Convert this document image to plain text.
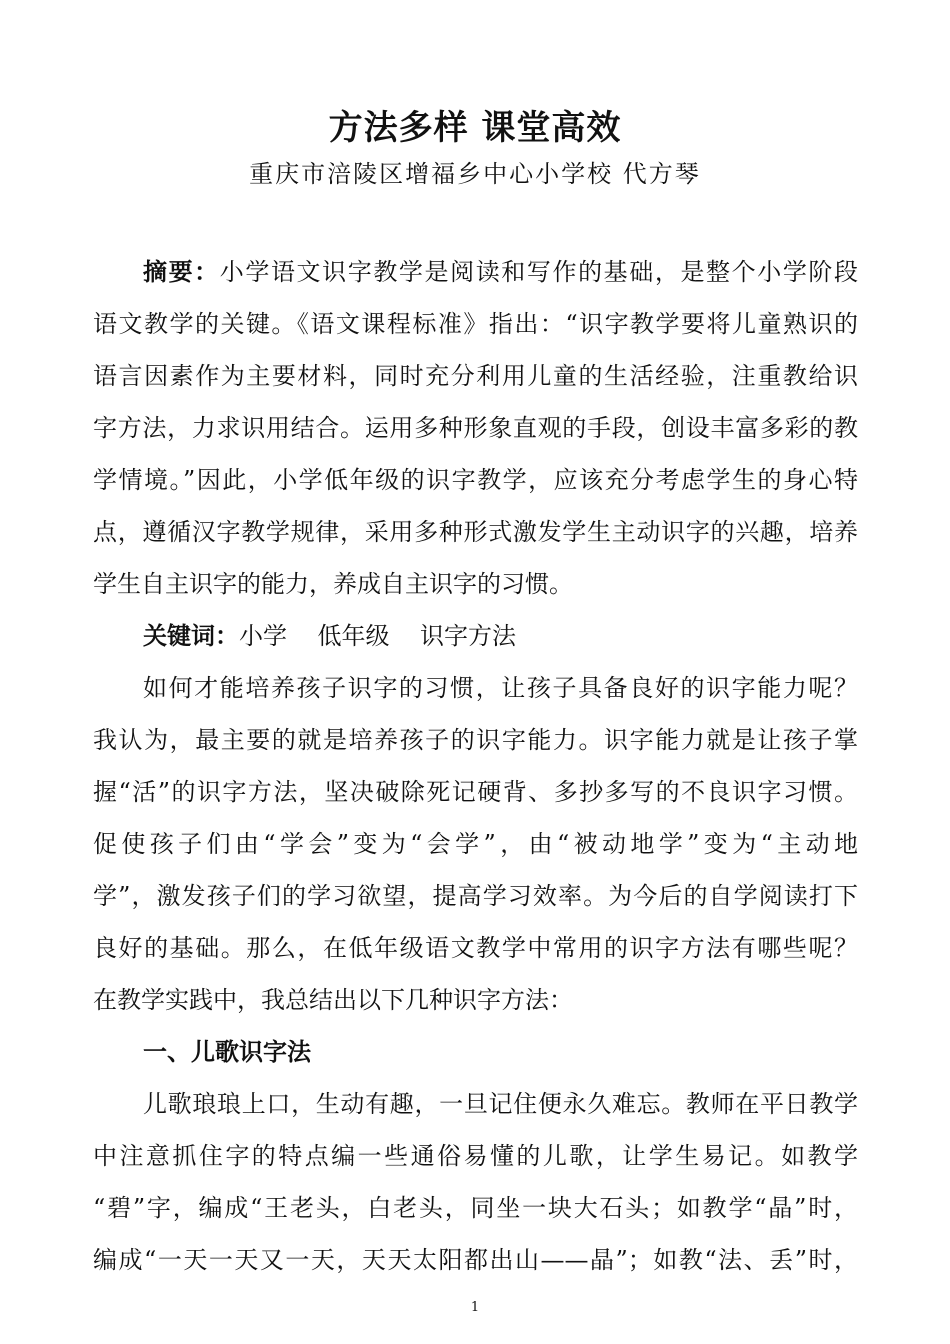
方法多样 课堂高效
重庆市涪陵区增福乡中心小学校 代方琴
摘要：小学语文识字教学是阅读和写作的基础，是整个小学阶段
语文教学的关键。《语文课程标准》指出：“识字教学要将儿童熟识的
语言因素作为主要材料，同时充分利用儿童的生活经验，注重教给识
字方法，力求识用结合。运用多种形象直观的手段，创设丰富多彩的教
学情境。”因此，小学低年级的识字教学，应该充分考虑学生的身心特
点，遵循汉字教学规律，采用多种形式激发学生主动识字的兴趣，培养
学生自主识字的能力，养成自主识字的习惯。
关键词：小学    低年级    识字方法
如何才能培养孩子识字的习惯，让孩子具备良好的识字能力呢？
我认为，最主要的就是培养孩子的识字能力。识字能力就是让孩子掌
握“活”的识字方法，坚决破除死记硬背、多抄多写的不良识字习惯。
促使孩子们由“学会”变为“会学”，由“被动地学”变为“主动地
学”，激发孩子们的学习欲望，提高学习效率。为今后的自学阅读打下
良好的基础。那么，在低年级语文教学中常用的识字方法有哪些呢？
在教学实践中，我总结出以下几种识字方法：
一、儿歌识字法
儿歌琅琅上口，生动有趣，一旦记住便永久难忘。教师在平日教学
中注意抓住字的特点编一些通俗易懂的儿歌，让学生易记。如教学
“碧”字，编成“王老头，白老头，同坐一块大石头；如教学“晶”时，
编成“一天一天又一天，天天太阳都出山——晶”；如教“法、丢”时，
1
